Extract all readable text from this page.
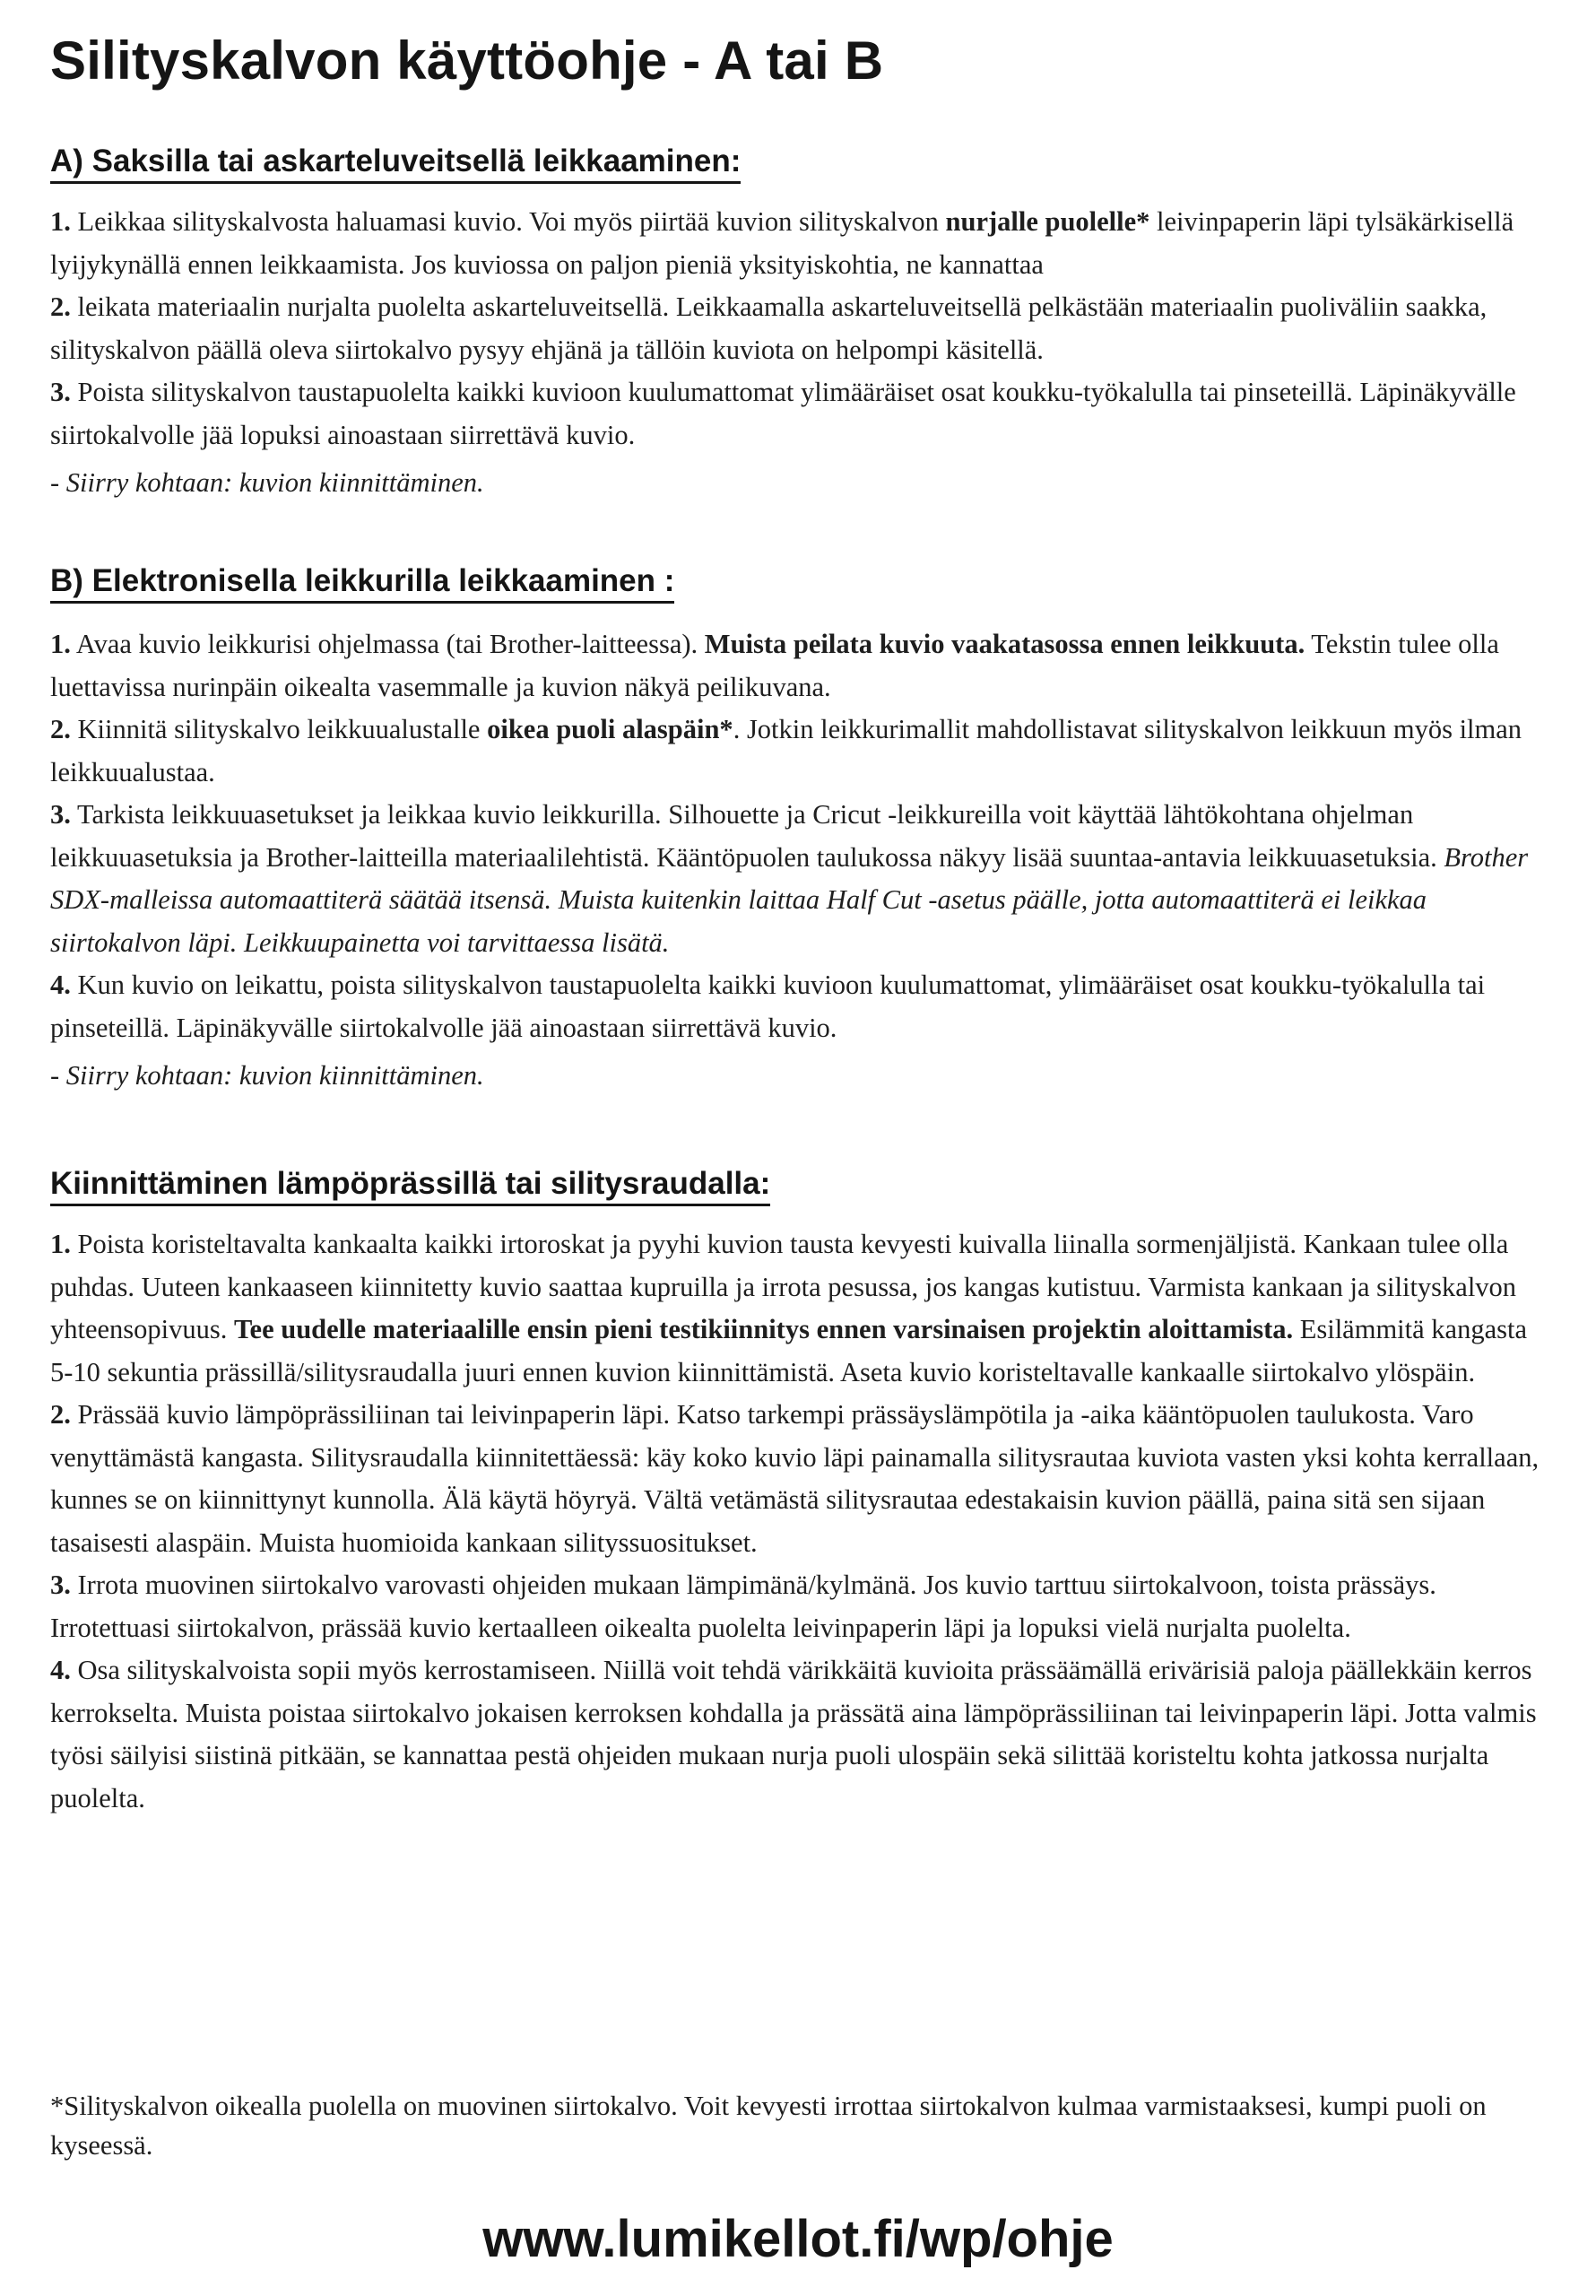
Silityskalvon käyttöohje - A tai B
A) Saksilla tai askarteluveitsellä leikkaaminen:

1. Leikkaa silityskalvosta haluamasi kuvio. Voi myös piirtää kuvion silityskalvon nurjalle puolelle* leivinpaperin läpi tylsäkärkisellä lyijykynällä ennen leikkaamista. Jos kuviossa on paljon pieniä yksityiskohtia, ne kannattaa

2. leikata materiaalin nurjalta puolelta askarteluveitsellä. Leikkaamalla askarteluveitsellä pelkästään materiaalin puoliväliin saakka, silityskalvon päällä oleva siirtokalvo pysyy ehjänä ja tällöin kuviota on helpompi käsitellä.

3. Poista silityskalvon taustapuolelta kaikki kuvioon kuulumattomat ylimääräiset osat koukku-työkalulla tai pinseteillä. Läpinäkyvälle siirtokalvolle jää lopuksi ainoastaan siirrettävä kuvio.

- Siirry kohtaan: kuvion kiinnittäminen.

B) Elektronisella leikkurilla leikkaaminen :

1. Avaa kuvio leikkurisi ohjelmassa (tai Brother-laitteessa). Muista peilata kuvio vaakatasossa ennen leikkuuta. Tekstin tulee olla luettavissa nurinpäin oikealta vasemmalle ja kuvion näkyä peilikuvana.

2. Kiinnitä silityskalvo leikkuualustalle oikea puoli alaspäin*. Jotkin leikkurimallit mahdollistavat silityskalvon leikkuun myös ilman leikkuualustaa.

3. Tarkista leikkuuasetukset ja leikkaa kuvio leikkurilla. Silhouette ja Cricut -leikkureilla voit käyttää lähtökohtana ohjelman leikkuuasetuksia ja Brother-laitteilla materiaalilehtistä. Kääntöpuolen taulukossa näkyy lisää suuntaa-antavia leikkuuasetuksia. Brother SDX-malleissa automaattiterä säätää itsensä. Muista kuitenkin laittaa Half Cut -asetus päälle, jotta automaattiterä ei leikkaa siirtokalvon läpi. Leikkuupainetta voi tarvittaessa lisätä.

4. Kun kuvio on leikattu, poista silityskalvon taustapuolelta kaikki kuvioon kuulumattomat, ylimääräiset osat koukku-työkalulla tai pinseteillä. Läpinäkyvälle siirtokalvolle jää ainoastaan siirrettävä kuvio.

- Siirry kohtaan: kuvion kiinnittäminen.

Kiinnittäminen lämpöprässillä tai silitysraudalla:

1. Poista koristeltavalta kankaalta kaikki irtoroskat ja pyyhi kuvion tausta kevyesti kuivalla liinalla sormenjäljistä. Kankaan tulee olla puhdas. Uuteen kankaaseen kiinnitetty kuvio saattaa kupruilla ja irrota pesussa, jos kangas kutistuu. Varmista kankaan ja silityskalvon yhteensopivuus. Tee uudelle materiaalille ensin pieni testikiinnitys ennen varsinaisen projektin aloittamista. Esilämmitä kangasta 5-10 sekuntia prässillä/silitysraudalla juuri ennen kuvion kiinnittämistä. Aseta kuvio koristeltavalle kankaalle siirtokalvo ylöspäin.

2. Prässää kuvio lämpöprässiliinan tai leivinpaperin läpi. Katso tarkempi prässäyslämpötila ja -aika kääntöpuolen taulukosta. Varo venyttämästä kangasta. Silitysraudalla kiinnitettäessä: käy koko kuvio läpi painamalla silitysrautaa kuviota vasten yksi kohta kerrallaan, kunnes se on kiinnittynyt kunnolla. Älä käytä höyryä. Vältä vetämästä silitysrautaa edestakaisin kuvion päällä, paina sitä sen sijaan tasaisesti alaspäin. Muista huomioida kankaan silityssuositukset.

3. Irrota muovinen siirtokalvo varovasti ohjeiden mukaan lämpimänä/kylmänä. Jos kuvio tarttuu siirtokalvoon, toista prässäys. Irrotettuasi siirtokalvon, prässää kuvio kertaalleen oikealta puolelta leivinpaperin läpi ja lopuksi vielä nurjalta puolelta.

4. Osa silityskalvoista sopii myös kerrostamiseen. Niillä voit tehdä värikkäitä kuvioita prässäämällä erivärisiä paloja päällekkäin kerros kerrokselta. Muista poistaa siirtokalvo jokaisen kerroksen kohdalla ja prässätä aina lämpöprässiliinan tai leivinpaperin läpi. Jotta valmis työsi säilyisi siistinä pitkään, se kannattaa pestä ohjeiden mukaan nurja puoli ulospäin sekä silittää koristeltu kohta jatkossa nurjalta puolelta.

*Silityskalvon oikealla puolella on muovinen siirtokalvo. Voit kevyesti irrottaa siirtokalvon kulmaa varmistaaksesi, kumpi puoli on kyseessä.

www.lumikellot.fi/wp/ohje
